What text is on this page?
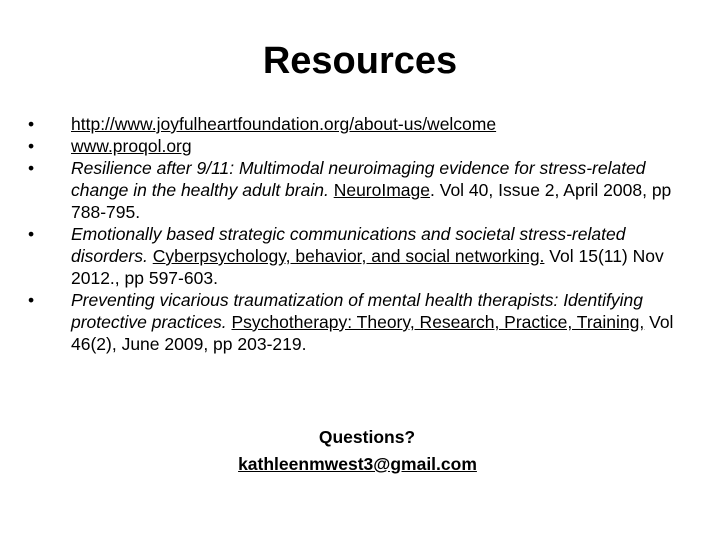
Resources
•	http://www.joyfulheartfoundation.org/about-us/welcome
•	www.proqol.org
•	Resilience after 9/11: Multimodal neuroimaging evidence for stress-related change in the healthy adult brain. NeuroImage. Vol 40, Issue 2, April 2008, pp 788-795.
•	Emotionally based strategic communications and societal stress-related disorders. Cyberpsychology, behavior, and social networking. Vol 15(11) Nov 2012., pp 597-603.
•	Preventing vicarious traumatization of mental health therapists: Identifying protective practices. Psychotherapy: Theory, Research, Practice, Training, Vol 46(2), June 2009, pp 203-219.
Questions?
kathleenmwest3@gmail.com
